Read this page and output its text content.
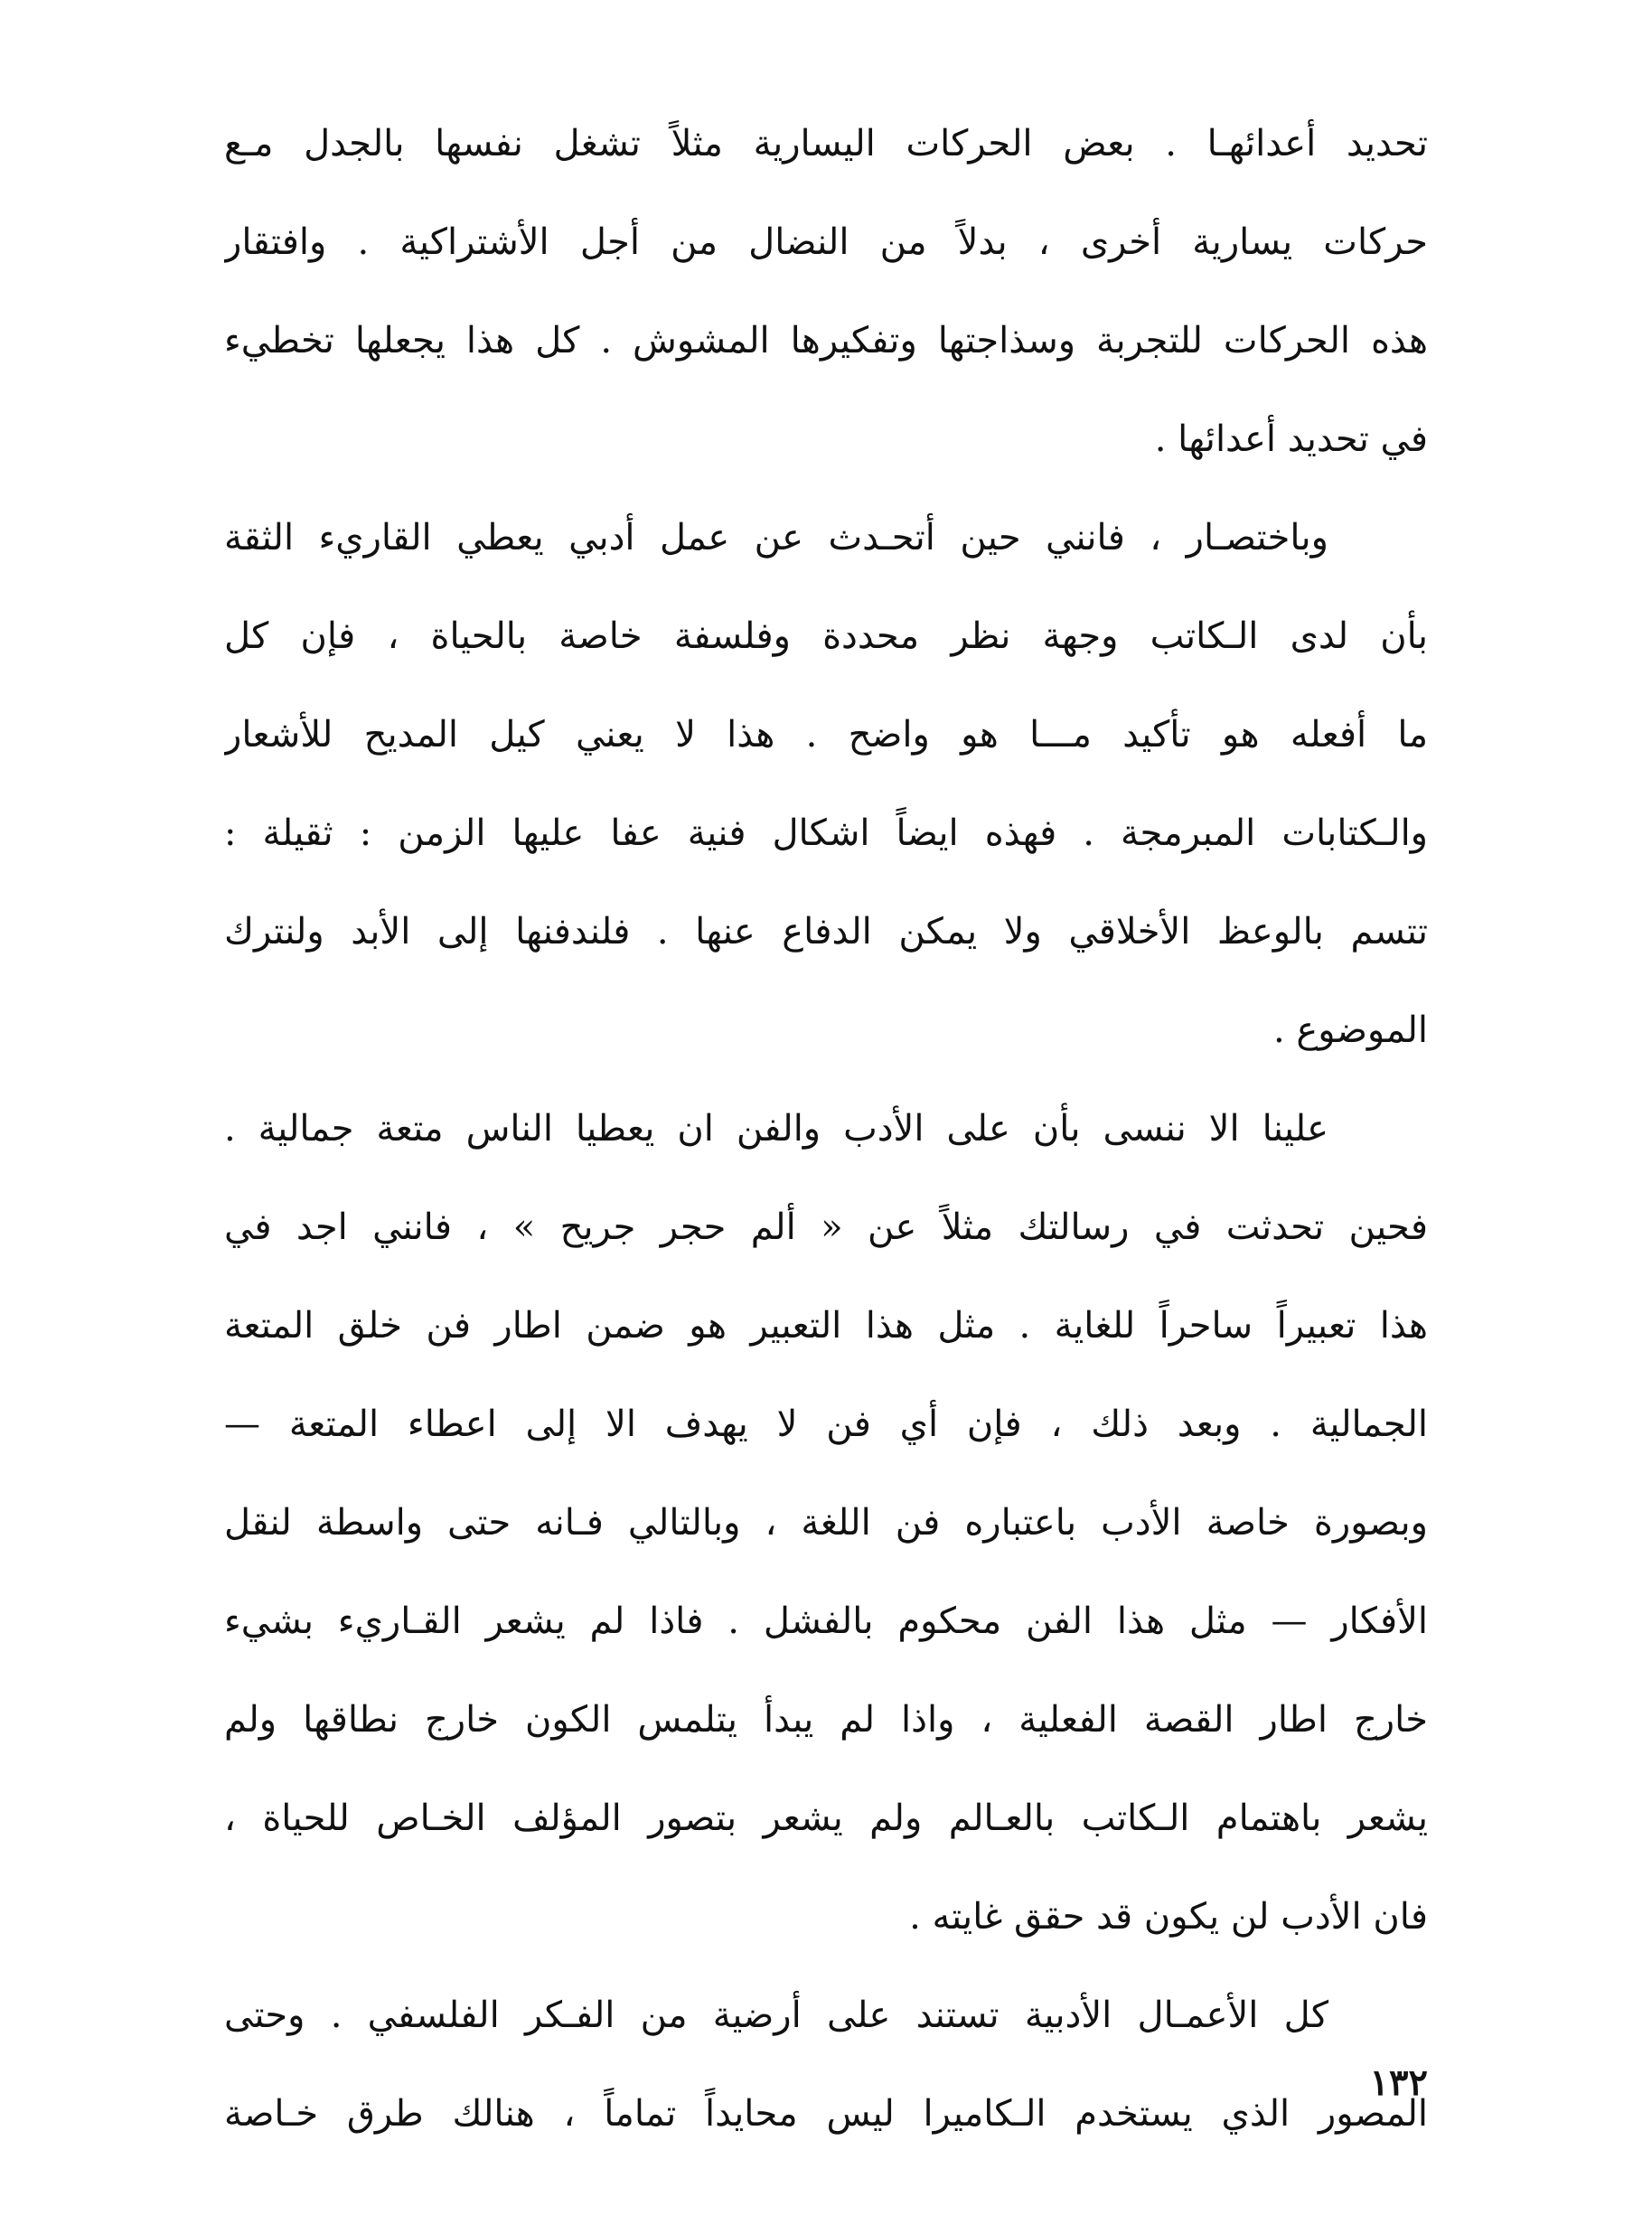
تحديد أعدائهـا . بعض الحركات اليسارية مثلاً تشغل نفسها بالجدل مـع
حركات يسارية أخرى ، بدلاً من النضال من أجل الأشتراكية . وافتقار
هذه الحركات للتجربة وسذاجتها وتفكيرها المشوش . كل هذا يجعلها تخطيء
في تحديد أعدائها .
وباختصـار ، فانني حين أتحـدث عن عمل أدبي يعطي القاريء الثقة
بأن لدى الـكاتب وجهة نظر محددة وفلسفة خاصة بالحياة ، فإن كل
ما أفعله هو تأكيد مـــا هو واضح . هذا لا يعني كيل المديح للأشعار
والـكتابات المبرمجة . فهذه ايضاً اشكال فنية عفا عليها الزمن : ثقيلة :
تتسم بالوعظ الأخلاقي ولا يمكن الدفاع عنها . فلندفنها إلى الأبد ولنترك
الموضوع .
علينا الا ننسى بأن على الأدب والفن ان يعطيا الناس متعة جمالية .
فحين تحدثت في رسالتك مثلاً عن « ألم حجر جريح » ، فانني اجد في
هذا تعبيراً ساحراً للغاية . مثل هذا التعبير هو ضمن اطار فن خلق المتعة
الجمالية . وبعد ذلك ، فإن أي فن لا يهدف الا إلى اعطاء المتعة —
وبصورة خاصة الأدب باعتباره فن اللغة ، وبالتالي فـانه حتى واسطة لنقل
الأفكار — مثل هذا الفن محكوم بالفشل . فاذا لم يشعر القـاريء بشيء
خارج اطار القصة الفعلية ، واذا لم يبدأ يتلمس الكون خارج نطاقها ولم
يشعر باهتمام الـكاتب بالعـالم ولم يشعر بتصور المؤلف الخـاص للحياة ،
فان الأدب لن يكون قد حقق غايته .
كل الأعمـال الأدبية تستند على أرضية من الفـكر الفلسفي . وحتى
المصور الذي يستخدم الـكاميرا ليس محايداً تماماً ، هنالك طرق خـاصة
١٣٢
